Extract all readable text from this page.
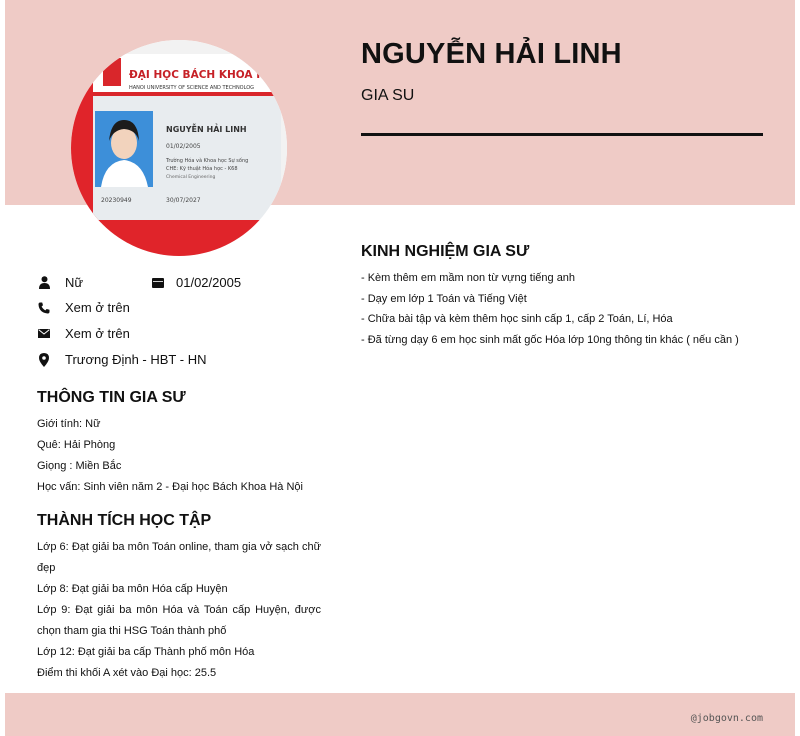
ĐẠI HỌC BÁCH KHOA HÀ N
HANOI UNIVERSITY OF SCIENCE AND TECHNOLOG
NGUYỄN HẢI LINH
01/02/2005
Trường Hóa và Khoa học Sự sống
CHE: Kỹ thuật Hóa học - K68
Chemical Engineering
20230949	30/07/2027
NGUYỄN HẢI LINH
GIA SU
Nữ	01/02/2005
Xem ở trên
Xem ở trên
Trương Định - HBT - HN
THÔNG TIN GIA SƯ
Giới tính: Nữ
Quê: Hải Phòng
Giọng : Miền Bắc
Học vấn: Sinh viên năm 2 - Đại học Bách Khoa Hà Nội
THÀNH TÍCH HỌC TẬP
Lớp 6: Đạt giải ba môn Toán online, tham gia vở sạch chữ đẹp
Lớp 8: Đạt giải ba môn Hóa cấp Huyện
Lớp 9: Đạt giải ba môn Hóa và Toán cấp Huyện, được chọn tham gia thi HSG Toán thành phố
Lớp 12: Đạt giải ba cấp Thành phố môn Hóa
Điểm thi khối A xét vào Đại học: 25.5
KINH NGHIỆM GIA SƯ
- Kèm thêm em mầm non từ vựng tiếng anh
- Dạy em lớp 1 Toán và Tiếng Việt
- Chữa bài tập và kèm thêm học sinh cấp 1, cấp 2 Toán, Lí, Hóa
- Đã từng dạy 6 em học sinh mất gốc Hóa lớp 10ng thông tin khác ( nếu cần )
@jobgovn.com
